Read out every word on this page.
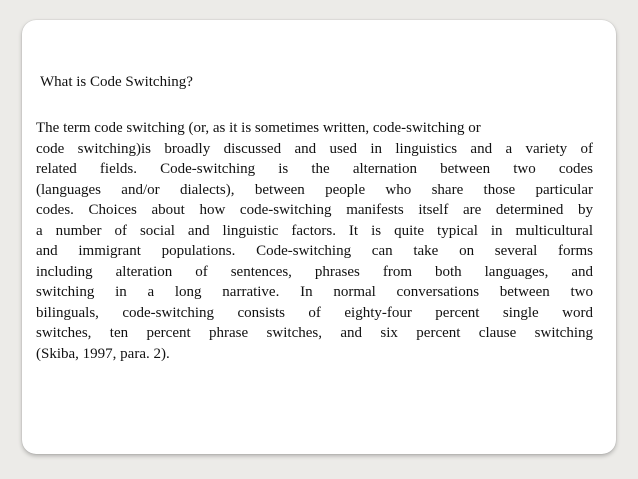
What is Code Switching?
The term code switching (or, as it is sometimes written, code-switching or
code switching)is broadly discussed and used in linguistics and a variety of
related fields. Code-switching is the alternation between two codes
(languages and/or dialects), between people who share those particular
codes. Choices about how code-switching manifests itself are determined by
a number of social and linguistic factors. It is quite typical in multicultural
and immigrant populations. Code-switching can take on several forms
including alteration of sentences, phrases from both languages, and
switching in a long narrative. In normal conversations between two
bilinguals, code-switching consists of eighty-four percent single word
switches, ten percent phrase switches, and six percent clause switching
(Skiba, 1997, para. 2).
